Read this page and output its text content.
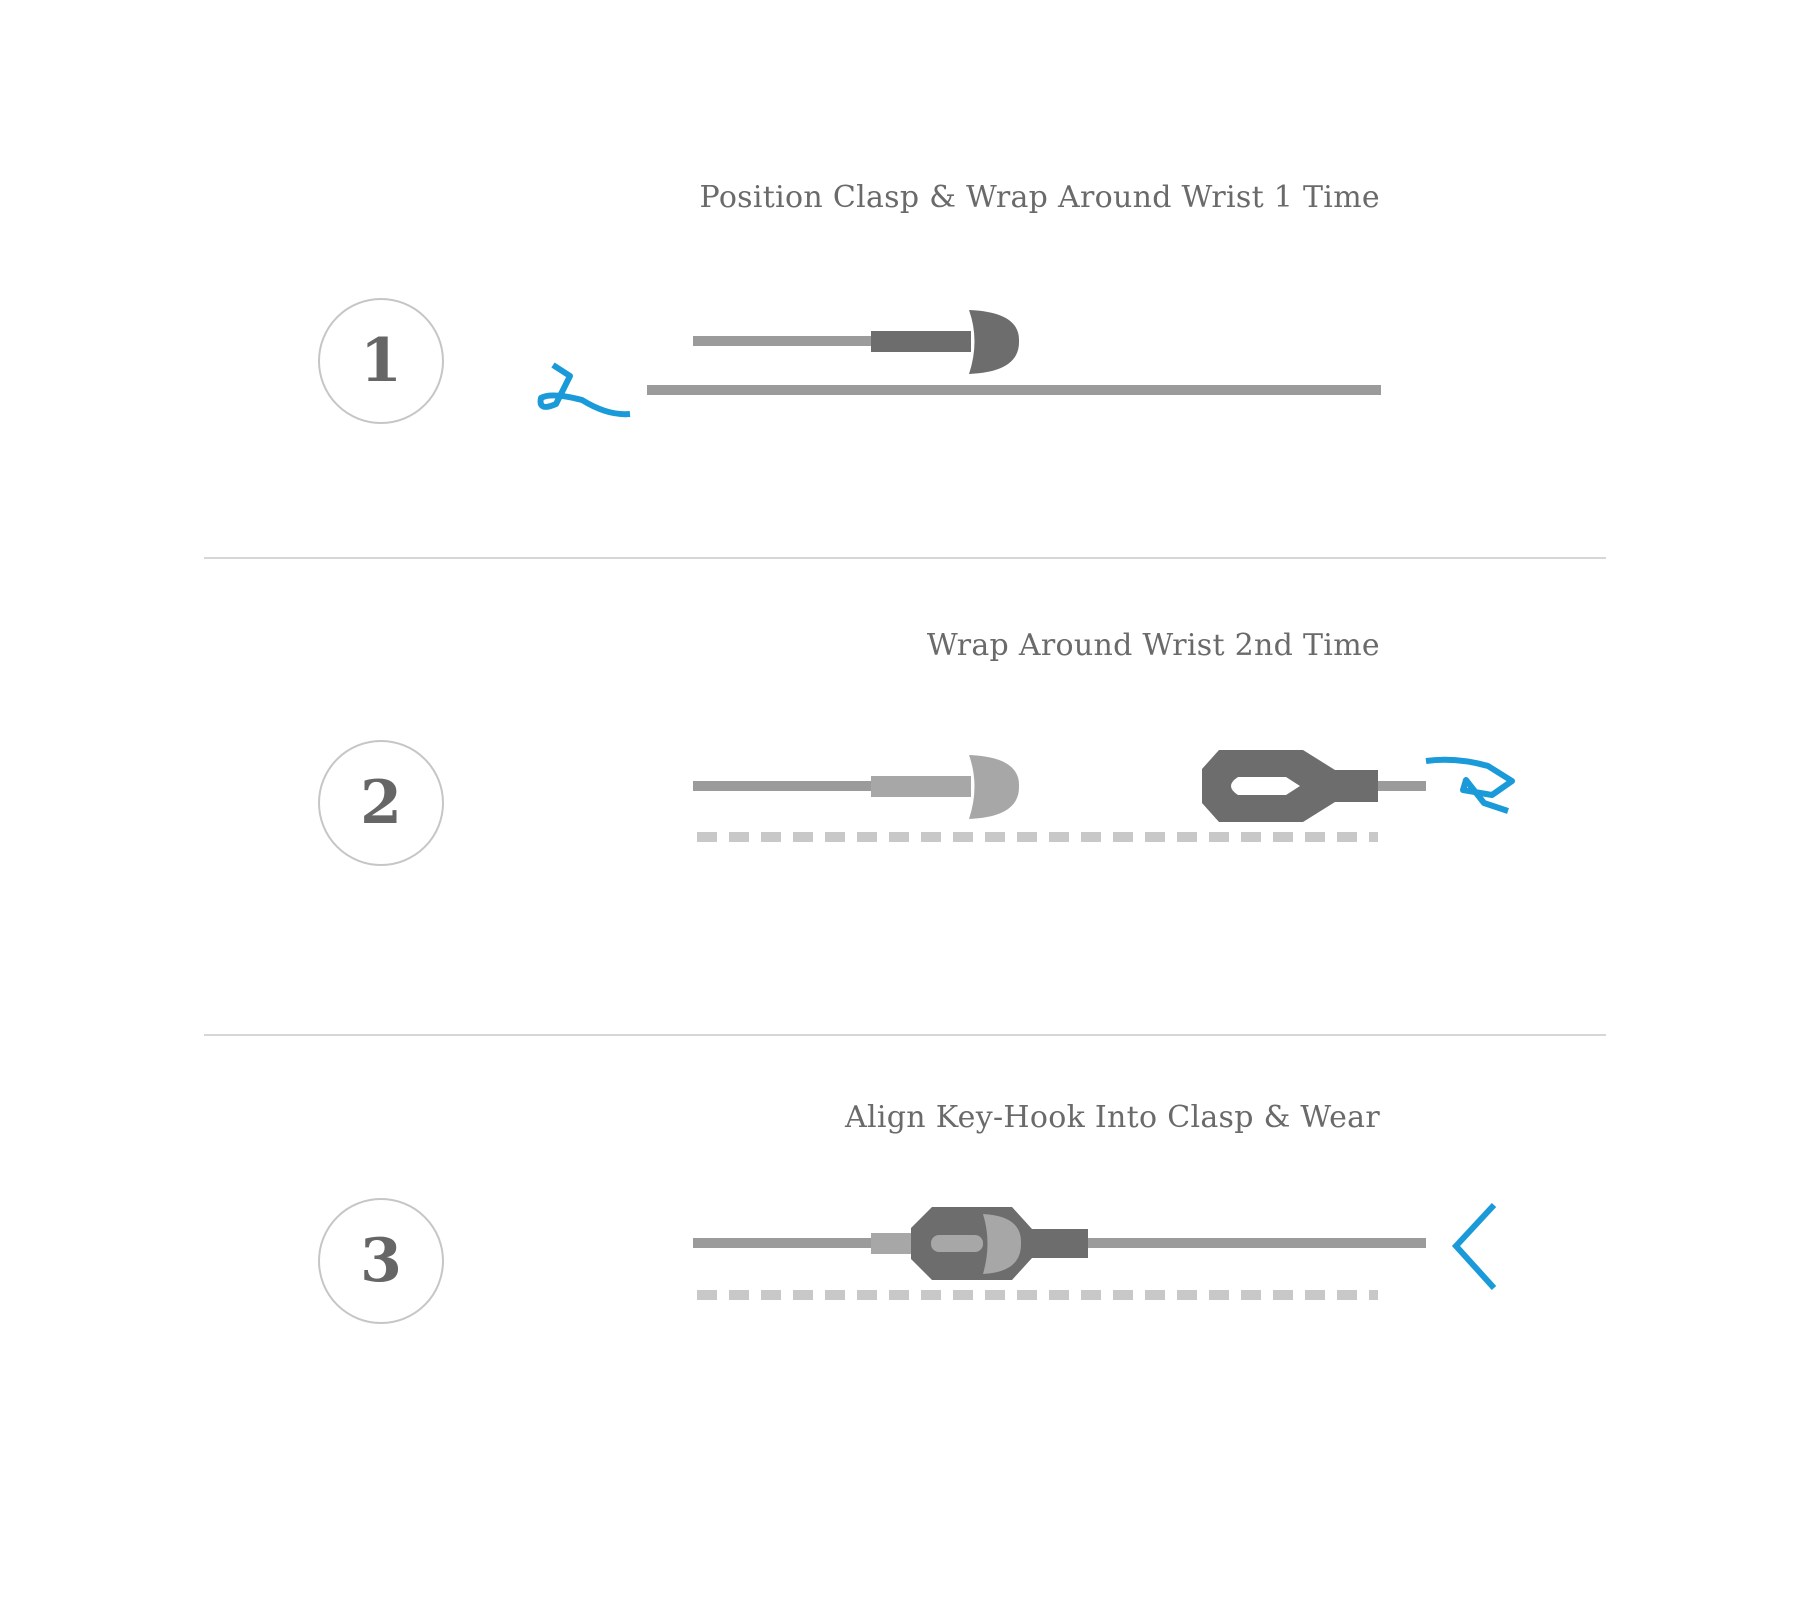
Position Clasp & Wrap Around Wrist 1 Time
1
Wrap Around Wrist 2nd Time
2
Align Key-Hook Into Clasp & Wear
3
